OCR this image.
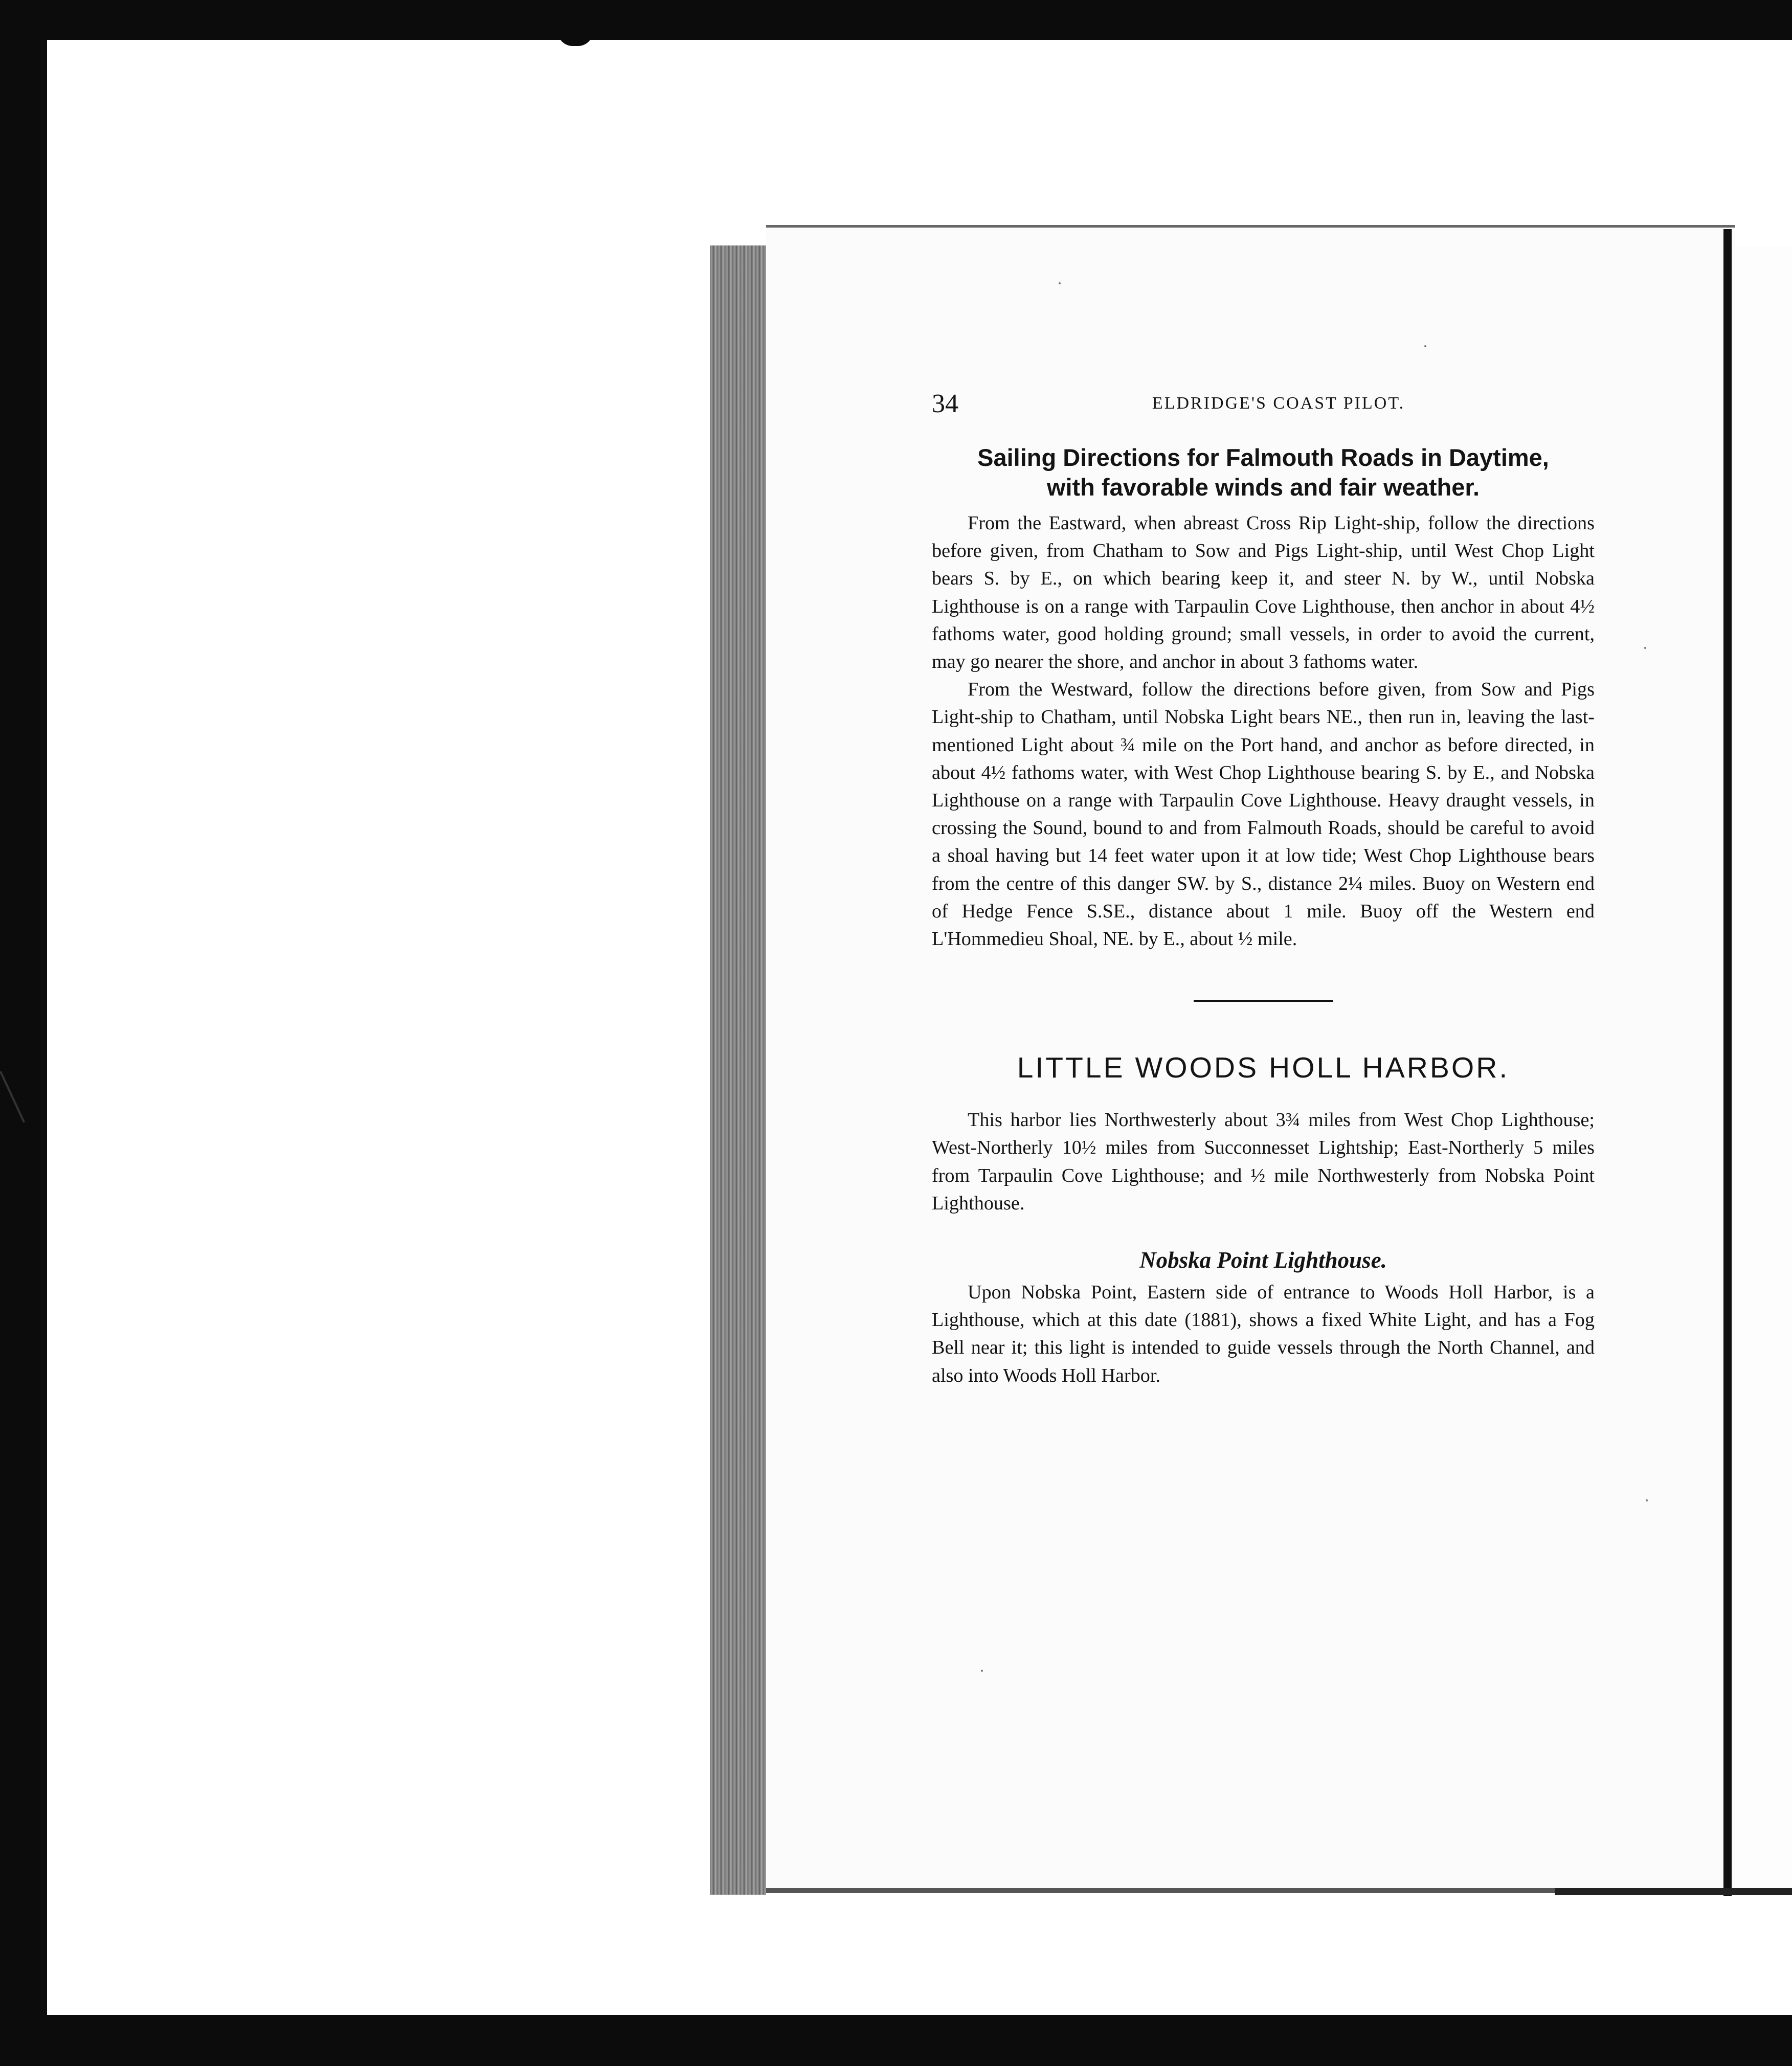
34	ELDRIDGE'S COAST PILOT.
Sailing Directions for Falmouth Roads in Daytime,
with favorable winds and fair weather.

From the Eastward, when abreast Cross Rip Light-ship, follow the directions before given, from Chatham to Sow and Pigs Light-ship, until West Chop Light bears S. by E., on which bearing keep it, and steer N. by W., until Nobska Lighthouse is on a range with Tarpaulin Cove Lighthouse, then anchor in about 4½ fathoms water, good holding ground; small vessels, in order to avoid the current, may go nearer the shore, and anchor in about 3 fathoms water.

From the Westward, follow the directions before given, from Sow and Pigs Light-ship to Chatham, until Nobska Light bears NE., then run in, leaving the last-mentioned Light about ¾ mile on the Port hand, and anchor as before directed, in about 4½ fathoms water, with West Chop Lighthouse bearing S. by E., and Nobska Lighthouse on a range with Tarpaulin Cove Lighthouse. Heavy draught vessels, in crossing the Sound, bound to and from Falmouth Roads, should be careful to avoid a shoal having but 14 feet water upon it at low tide; West Chop Lighthouse bears from the centre of this danger SW. by S., distance 2¼ miles. Buoy on Western end of Hedge Fence S.SE., distance about 1 mile. Buoy off the Western end L'Hommedieu Shoal, NE. by E., about ½ mile.

LITTLE WOODS HOLL HARBOR.

This harbor lies Northwesterly about 3¾ miles from West Chop Lighthouse; West-Northerly 10½ miles from Succonnesset Lightship; East-Northerly 5 miles from Tarpaulin Cove Lighthouse; and ½ mile Northwesterly from Nobska Point Lighthouse.

Nobska Point Lighthouse.

Upon Nobska Point, Eastern side of entrance to Woods Holl Harbor, is a Lighthouse, which at this date (1881), shows a fixed White Light, and has a Fog Bell near it; this light is intended to guide vessels through the North Channel, and also into Woods Holl Harbor.
